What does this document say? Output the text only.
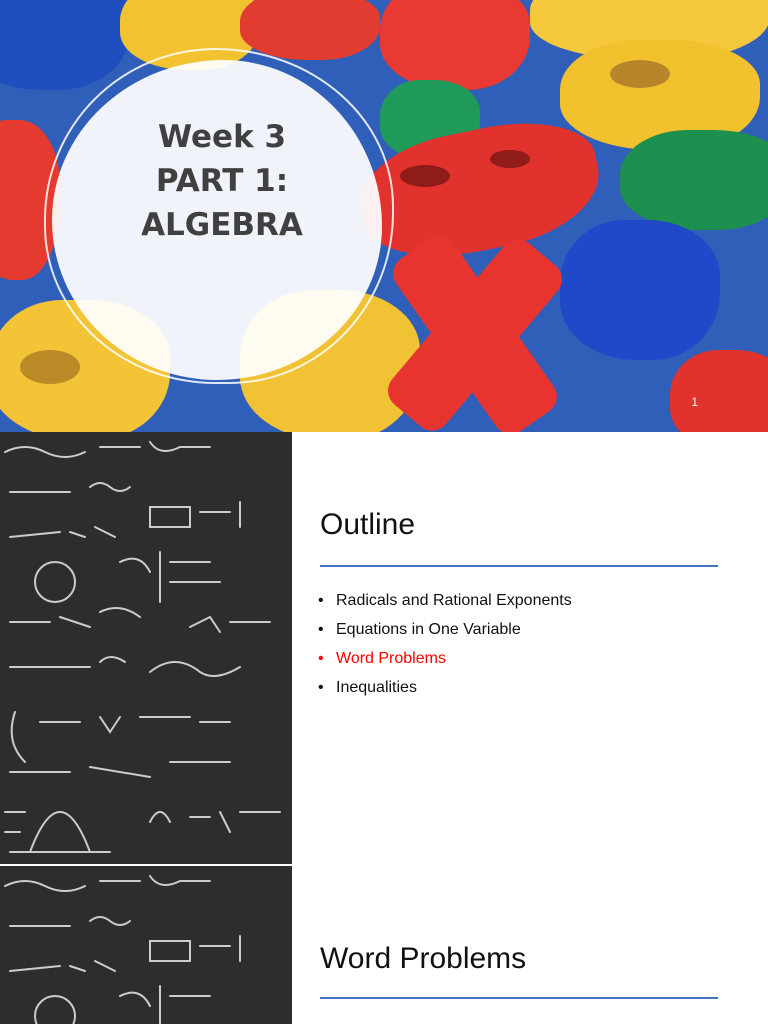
Week 3
PART 1:
ALGEBRA
1
Outline
• Radicals and Rational Exponents
• Equations in One Variable
• Word Problems
• Inequalities
Word Problems
